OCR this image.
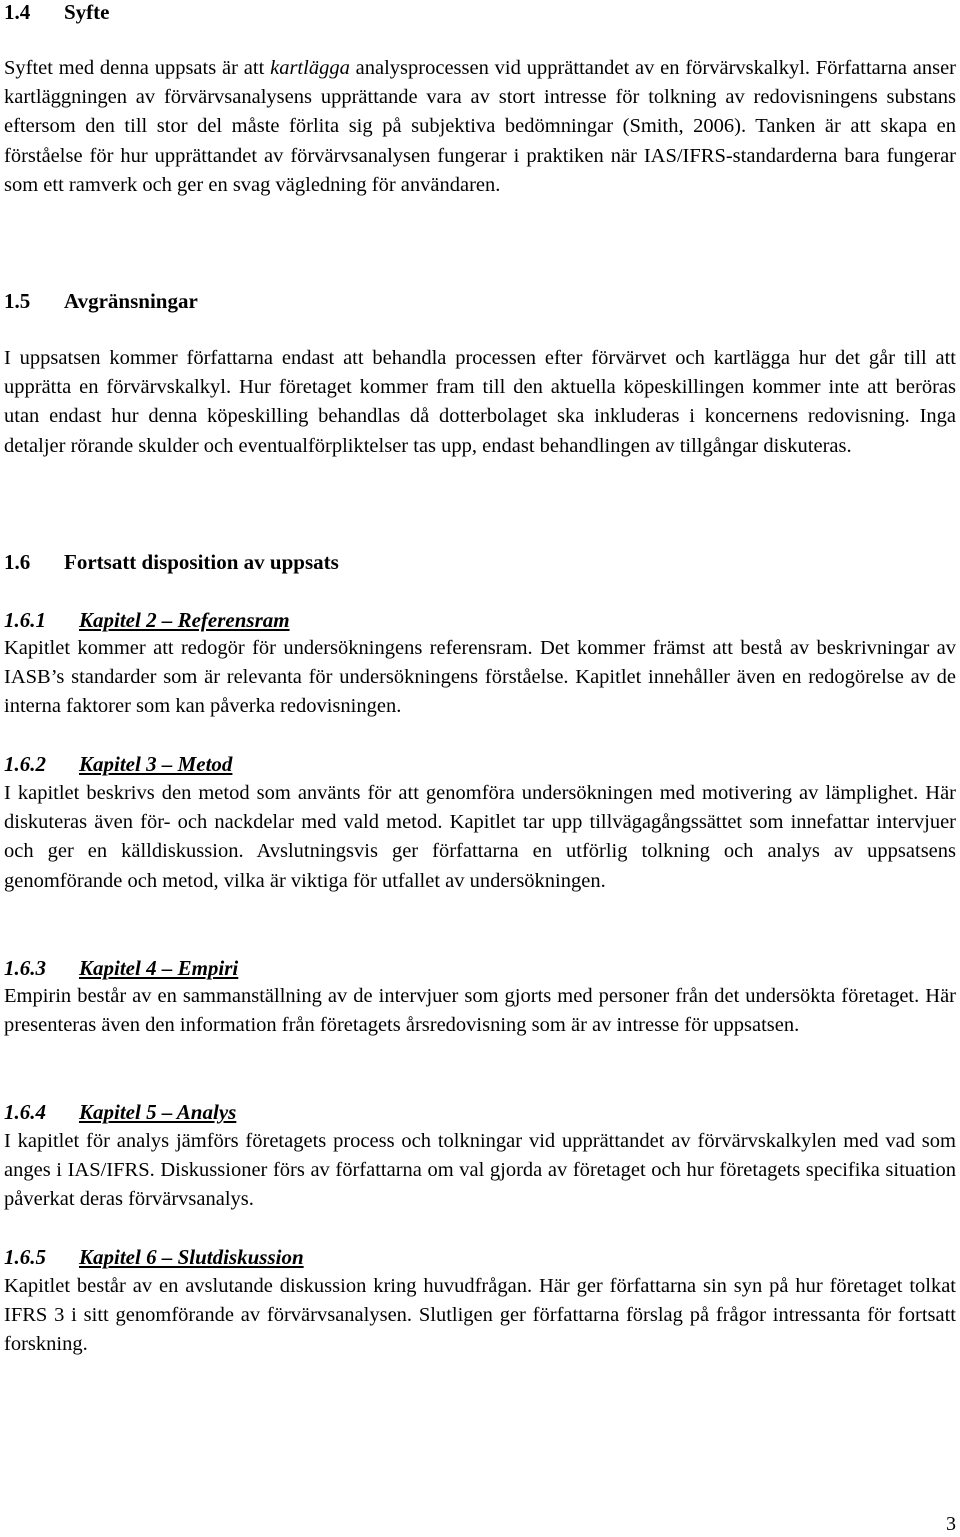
1.4 Syfte

Syftet med denna uppsats är att kartlägga analysprocessen vid upprättandet av en förvärvskalkyl. Författarna anser kartläggningen av förvärvsanalysens upprättande vara av stort intresse för tolkning av redovisningens substans eftersom den till stor del måste förlita sig på subjektiva bedömningar (Smith, 2006). Tanken är att skapa en förståelse för hur upprättandet av förvärvsanalysen fungerar i praktiken när IAS/IFRS-standarderna bara fungerar som ett ramverk och ger en svag vägledning för användaren.

1.5 Avgränsningar

I uppsatsen kommer författarna endast att behandla processen efter förvärvet och kartlägga hur det går till att upprätta en förvärvskalkyl. Hur företaget kommer fram till den aktuella köpeskillingen kommer inte att beröras utan endast hur denna köpeskilling behandlas då dotterbolaget ska inkluderas i koncernens redovisning. Inga detaljer rörande skulder och eventualförpliktelser tas upp, endast behandlingen av tillgångar diskuteras.

1.6 Fortsatt disposition av uppsats
1.6.1 Kapitel 2 – Referensram

Kapitlet kommer att redogör för undersökningens referensram. Det kommer främst att bestå av beskrivningar av IASB’s standarder som är relevanta för undersökningens förståelse. Kapitlet innehåller även en redogörelse av de interna faktorer som kan påverka redovisningen.

1.6.2 Kapitel 3 – Metod

I kapitlet beskrivs den metod som använts för att genomföra undersökningen med motivering av lämplighet. Här diskuteras även för- och nackdelar med vald metod. Kapitlet tar upp tillvägagångssättet som innefattar intervjuer och ger en källdiskussion. Avslutningsvis ger författarna en utförlig tolkning och analys av uppsatsens genomförande och metod, vilka är viktiga för utfallet av undersökningen.

1.6.3 Kapitel 4 – Empiri

Empirin består av en sammanställning av de intervjuer som gjorts med personer från det undersökta företaget. Här presenteras även den information från företagets årsredovisning som är av intresse för uppsatsen.

1.6.4 Kapitel 5 – Analys

I kapitlet för analys jämförs företagets process och tolkningar vid upprättandet av förvärvskalkylen med vad som anges i IAS/IFRS. Diskussioner förs av författarna om val gjorda av företaget och hur företagets specifika situation påverkat deras förvärvsanalys.

1.6.5 Kapitel 6 – Slutdiskussion

Kapitlet består av en avslutande diskussion kring huvudfrågan. Här ger författarna sin syn på hur företaget tolkat IFRS 3 i sitt genomförande av förvärvsanalysen. Slutligen ger författarna förslag på frågor intressanta för fortsatt forskning.

3
